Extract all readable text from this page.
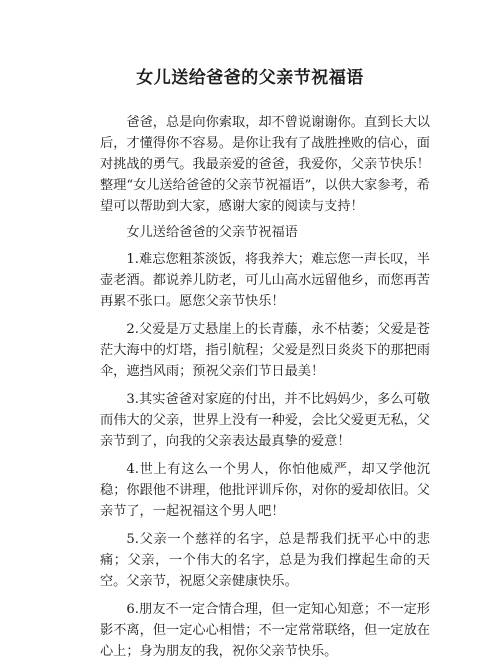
女儿送给爸爸的父亲节祝福语

爸爸，总是向你索取，却不曾说谢谢你。直到长大以后，才懂得你不容易。是你让我有了战胜挫败的信心，面对挑战的勇气。我最亲爱的爸爸，我爱你，父亲节快乐！整理“女儿送给爸爸的父亲节祝福语”，以供大家参考，希望可以帮助到大家，感谢大家的阅读与支持！

女儿送给爸爸的父亲节祝福语

1.难忘您粗茶淡饭，将我养大；难忘您一声长叹，半壶老酒。都说养儿防老，可儿山高水远留他乡，而您再苦再累不张口。愿您父亲节快乐！

2.父爱是万丈悬崖上的长青藤，永不枯萎；父爱是苍茫大海中的灯塔，指引航程；父爱是烈日炎炎下的那把雨伞，遮挡风雨；预祝父亲们节日最美！

3.其实爸爸对家庭的付出，并不比妈妈少，多么可敬而伟大的父亲，世界上没有一种爱，会比父爱更无私，父亲节到了，向我的父亲表达最真挚的爱意！

4.世上有这么一个男人，你怕他威严，却又学他沉稳；你跟他不讲理，他批评训斥你，对你的爱却依旧。父亲节了，一起祝福这个男人吧！

5.父亲一个慈祥的名字，总是帮我们抚平心中的悲痛；父亲，一个伟大的名字，总是为我们撑起生命的天空。父亲节，祝愿父亲健康快乐。

6.朋友不一定合情合理，但一定知心知意；不一定形影不离，但一定心心相惜；不一定常常联络，但一定放在心上；身为朋友的我，祝你父亲节快乐。
